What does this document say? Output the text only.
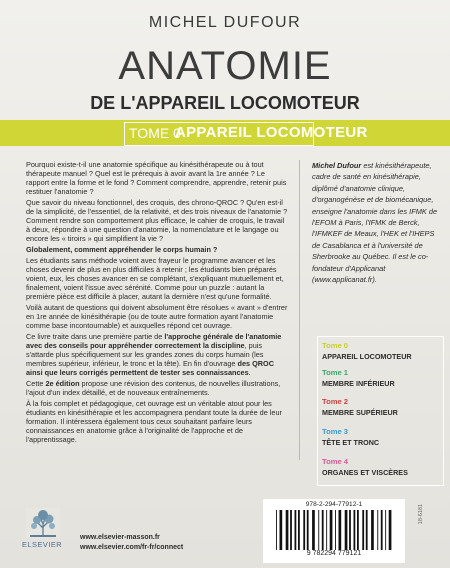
MICHEL DUFOUR
ANATOMIE
DE L'APPAREIL LOCOMOTEUR
TOME 0
APPAREIL LOCOMOTEUR

Pourquoi existe-t-il une anatomie spécifique au kinésithérapeute ou à tout thérapeute manuel ? Quel est le prérequis à avoir avant la 1re année ? Le rapport entre la forme et le fond ? Comment comprendre, apprendre, retenir puis restituer l'anatomie ?

Que savoir du niveau fonctionnel, des croquis, des chrono-QROC ? Qu'en est-il de la simplicité, de l'essentiel, de la relativité, et des trois niveaux de l'anatomie ? Comment rendre son comportement plus efficace, le cahier de croquis, le travail à deux, répondre à une question d'anatomie, la nomenclature et le langage ou encore les « tiroirs » qui simplifient la vie ?

Globalement, comment appréhender le corps humain ?

Les étudiants sans méthode voient avec frayeur le programme avancer et les choses devenir de plus en plus difficiles à retenir ; les étudiants bien préparés voient, eux, les choses avancer en se complétant, s'expliquant mutuellement et, finalement, voient l'issue avec sérénité. Comme pour un puzzle : autant la première pièce est difficile à placer, autant la dernière n'est qu'une formalité.

Voilà autant de questions qui doivent absolument être résolues « avant » d'entrer en 1re année de kinésithérapie (ou de toute autre formation ayant l'anatomie comme base incontournable) et auxquelles répond cet ouvrage.

Ce livre traite dans une première partie de l'approche générale de l'anatomie avec des conseils pour appréhender correctement la discipline, puis s'attarde plus spécifiquement sur les grandes zones du corps humain (les membres supérieur, inférieur, le tronc et la tête). En fin d'ouvrage des QROC ainsi que leurs corrigés permettent de tester ses connaissances.

Cette 2e édition propose une révision des contenus, de nouvelles illustrations, l'ajout d'un index détaillé, et de nouveaux entraînements.

À la fois complet et pédagogique, cet ouvrage est un véritable atout pour les étudiants en kinésithérapie et les accompagnera pendant toute la durée de leur formation. Il intéressera également tous ceux souhaitant parfaire leurs connaissances en anatomie grâce à l'originalité de l'approche et de l'apprentissage.

Michel Dufour est kinésithérapeute, cadre de santé en kinésithérapie, diplômé d'anatomie clinique, d'organogénèse et de biomécanique, enseigne l'anatomie dans les IFMK de l'EFOM à Paris, l'IFMK de Berck, l'IFMKEF de Meaux, l'HEK et l'IHEPS de Casablanca et à l'université de Sherbrooke au Québec. Il est le co-fondateur d'Applicanat (www.applicanat.fr).
Tome 0
APPAREIL LOCOMOTEUR
Tome 1
MEMBRE INFÉRIEUR
Tome 2
MEMBRE SUPÉRIEUR
Tome 3
TÊTE ET TRONC
Tome 4
ORGANES ET VISCÈRES
ELSEVIER
www.elsevier-masson.fr
www.elsevier.com/fr-fr/connect
978-2-294-77912-1
9 782294 779121
18-6181
